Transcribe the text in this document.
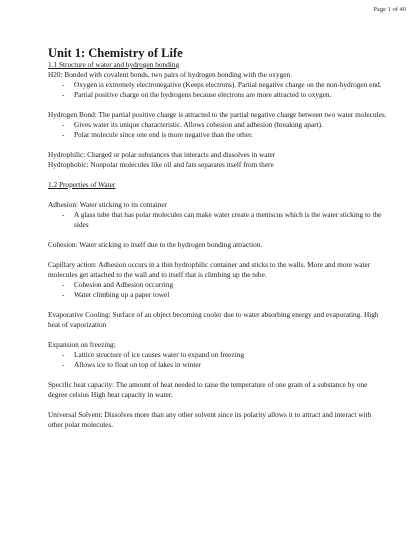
Page 1 of 40

Unit 1: Chemistry of Life

1.1 Structure of water and hydrogen bonding

H20: Bonded with covalent bonds, two pairs of hydrogen bonding with the oxygen.

- Oxygen is extremely electronegative (Keeps electrons). Partial negative charge on the non-hydrogen end.
- Partial positive charge on the hydrogens because electrons are more attracted to oxygen.

Hydrogen Bond: The partial positive charge is attracted to the partial negative charge between two water molecules.

- Gives water its unique characteristic. Allows cohesion and adhesion (breaking apart).
- Polar molecule since one end is more negative than the other.

Hydrophilic: Charged or polar substances that interacts and dissolves in water

Hydrophobic: Nonpolar molecules like oil and fats separates itself from there

1.2 Properties of Water

Adhesion: Water sticking to its container

- A glass tube that has polar molecules can make water create a meniscus which is the water sticking to the sides

Cohesion: Water sticking to itself due to the hydrogen bonding attraction.

Capillary action: Adhesion occurs in a thin hydrophilic container and sticks to the walls. More and more water molecules get attached to the wall and to itself that is climbing up the tube.

- Cohesion and Adhesion occurring
- Water climbing up a paper towel

Evaporative Cooling: Surface of an object becoming cooler due to water absorbing energy and evaporating. High heat of vaporization

Expansion on freezing:

- Lattice structure of ice causes water to expand on freezing
- Allows ice to float on top of lakes in winter

Specific heat capacity: The amount of heat needed to raise the temperature of one gram of a substance by one degree celsius High heat capacity in water.

Universal Solvent: Dissolves more than any other solvent since its polarity allows it to attract and interact with other polar molecules.
